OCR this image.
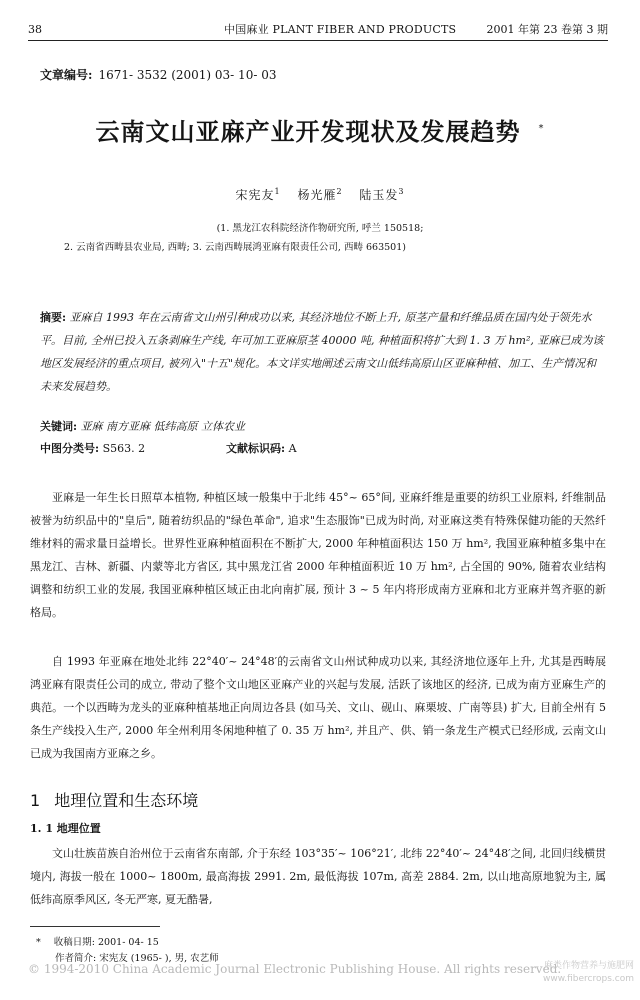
38	中国麻业 PLANT FIBER AND PRODUCTS	2001 年第 23 卷第 3 期
文章编号: 1671- 3532 (2001) 03- 10- 03
云南文山亚麻产业开发现状及发展趋势 *
宋宪友$^1$ 杨光雁$^2$ 陆玉发$^3$
(1. 黑龙江农科院经济作物研究所, 呼兰 150518;
2. 云南省西畴县农业局, 西畴; 3. 云南西畴展鸿亚麻有限责任公司, 西畴 663501)
摘要: 亚麻自 1993 年在云南省文山州引种成功以来, 其经济地位不断上升, 原茎产量和纤维品质在国内处于领先水平。目前, 全州已投入五条剥麻生产线, 年可加工亚麻原茎 40000 吨, 种植面积将扩大到 1. 3 万 hm², 亚麻已成为该地区发展经济的重点项目, 被列入"十五"规化。本文详实地阐述云南文山低纬高原山区亚麻种植、加工、生产情况和未来发展趋势。
关键词: 亚麻 南方亚麻 低纬高原 立体农业
中图分类号: S563. 2	文献标识码: A
亚麻是一年生长日照草本植物, 种植区域一般集中于北纬 45°~ 65°间, 亚麻纤维是重要的纺织工业原料, 纤维制品被誉为纺织品中的"皇后", 随着纺织品的"绿色革命", 追求"生态服饰"已成为时尚, 对亚麻这类有特殊保健功能的天然纤维材料的需求量日益增长。世界性亚麻种植面积在不断扩大, 2000 年种植面积达 150 万 hm², 我国亚麻种植多集中在黑龙江、吉林、新疆、内蒙等北方省区, 其中黑龙江省 2000 年种植面积近 10 万 hm², 占全国的 90%, 随着农业结构调整和纺织工业的发展, 我国亚麻种植区域正由北向南扩展, 预计 3 ~ 5 年内将形成南方亚麻和北方亚麻并驾齐驱的新格局。
自 1993 年亚麻在地处北纬 22°40′~ 24°48′的云南省文山州试种成功以来, 其经济地位逐年上升, 尤其是西畴展鸿亚麻有限责任公司的成立, 带动了整个文山地区亚麻产业的兴起与发展, 活跃了该地区的经济, 已成为南方亚麻生产的典范。一个以西畴为龙头的亚麻种植基地正向周边各县 (如马关、文山、砚山、麻栗坡、广南等县) 扩大, 目前全州有 5 条生产线投入生产, 2000 年全州利用冬闲地种植了 0. 35 万 hm², 并且产、供、销一条龙生产模式已经形成, 云南文山已成为我国南方亚麻之乡。
1 地理位置和生态环境
1. 1 地理位置
文山壮族苗族自治州位于云南省东南部, 介于东经 103°35′~ 106°21′, 北纬 22°40′~ 24°48′之间, 北回归线横贯境内, 海拔一般在 1000~ 1800m, 最高海拔 2991. 2m, 最低海拔 107m, 高差 2884. 2m, 以山地高原地貌为主, 属低纬高原季风区, 冬无严寒, 夏无酷暑,
* 收稿日期: 2001- 04- 15
作者简介: 宋宪友 (1965- ), 男, 农艺师
© 1994-2010 China Academic Journal Electronic Publishing House. All rights reserved.
麻类作物营养与施肥网
www.fibercrops.com
